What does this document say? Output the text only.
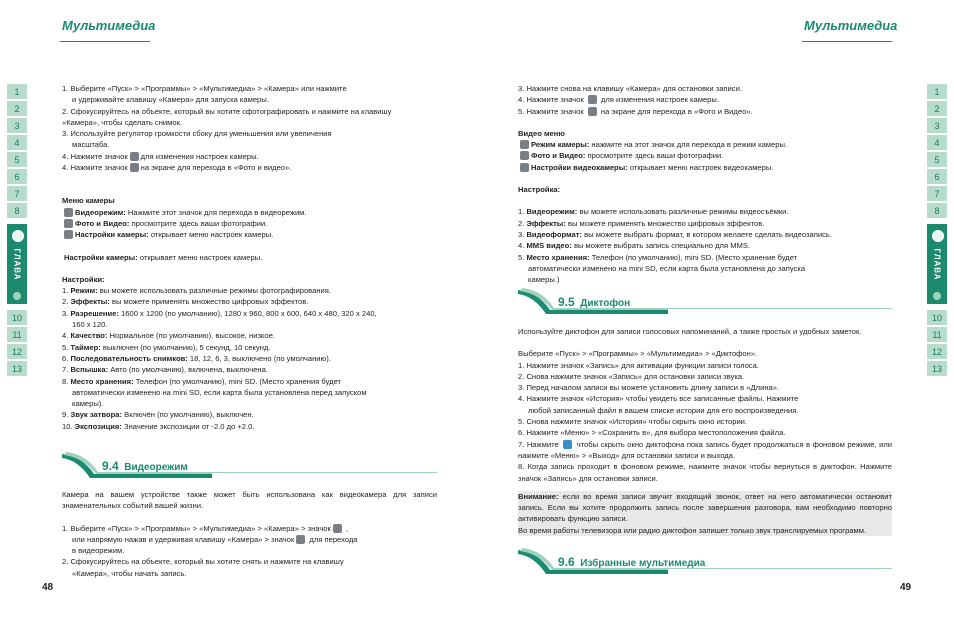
Мультимедиа	Мультимедиа
1
2
3
4
5
6
7
8
ГЛАВА
10
11
12
13
1
2
3
4
5
6
7
8
ГЛАВА
10
11
12
13

1. Выберите «Пуск» > «Программы» > «Мультимедиа» > «Камера» или нажмите

и удерживайте клавишу «Камера» для запуска камеры.

2. Сфокусируйтесь на объекте, который вы хотите сфотографировать и нажмите на клавишу

«Камера», чтобы сделать снимок.

3. Используйте регулятор громкости сбоку для уменьшения или увеличения

масштаба.

4. Нажмите значок для изменения настроек камеры.

4. Нажмите значок на экране для перехода в «Фото и видео».

Меню камеры

Видеорежим: Нажмите этот значок для перехода в видеорежим.

Фото и Видео: просмотрите здесь ваши фотографии.

Настройки камеры: открывает меню настроек камеры.

Настройки камеры: открывает меню настроек камеры.

Настройки:

1. Режим: вы можете использовать различные режимы фотографирования.

2. Эффекты: вы можете применять множество цифровых эффектов.

3. Разрешение: 1600 x 1200 (по умолчанию), 1280 x 960, 800 x 600, 640 x 480, 320 x 240,

160 x 120.

4. Качество: Нормальное (по умолчанию), высокое, низкое.

5. Таймер: выключен (по умолчанию), 5 секунд, 10 секунд.

6. Последовательность снимков: 18, 12, 6, 3, выключено (по умолчанию).

7. Вспышка: Авто (по умолчанию), включена, выключена.

8. Место хранения: Телефон (по умолчанию), mini SD. (Место хранения будет

автоматически изменено на mini SD, если карта была установлена перед запуском

камеры).

9. Звук затвора: Включён (по умолчанию), выключен.

10. Экспозиция: Значение экспозиции от -2.0 до +2.0.

9.4 Видеорежим

Камера на вашем устройстве также может быть использована как видеокамера для записи знаменательных событий вашей жизни.

1. Выберите «Пуск» > «Программы» > «Мультимедиа» > «Камера» > значок ,

или напрямую нажав и удерживая клавишу «Камера» > значок для перехода

в видеорежим.

2. Сфокусируйтесь на объекте, который вы хотите снять и нажмите на клавишу

«Камера», чтобы начать запись.

48

3. Нажмите снова на клавишу «Камера» для остановки записи.

4. Нажмите значок для изменения настроек камеры.

5. Нажмите значок на экране для перехода в «Фото и Видео».

Видео меню

Режим камеры: нажмите на этот значок для перехода в режим камеры.

Фото и Видео: просмотрите здесь ваши фотографии.

Настройки видеокамеры: открывает меню настроек видеокамеры.

Настройка:

1. Видеорежим: вы можете использовать различные режимы видеосъёмки.

2. Эффекты: вы можете применять множество цифровых эффектов.

3. Видеоформат: вы можете выбрать формат, в котором желаете сделать видеозапись.

4. MMS видео: вы можете выбрать запись специально для MMS.

5. Место хранения: Телефон (по умолчанию), mini SD. (Место хранение будет

автоматически изменено на mini SD, если карта была установлена до запуска

камеры.)

9.5 Диктофон

Используйте диктофон для записи голосовых напоминаний, а также простых и удобных заметок.

Выберите «Пуск» > «Программы» > «Мультимедиа» > «Диктофон».

1. Нажмите значок «Запись» для активации функции записи голоса.

2. Снова нажмите значок «Запись» для остановки записи звука.

3. Перед началом записи вы можете установить длину записи в «Длина».

4. Нажмите значок «История» чтобы увидеть все записанные файлы. Нажмите

любой записанный файл в вашем списке истории для его воспроизведения.

5. Снова нажмите значок «История» чтобы скрыть окно истории.

6. Нажмите «Меню» > «Сохранить в», для выбора местоположения файла.

7. Нажмите чтобы скрыть окно диктофона пока запись будет продолжаться в фоновом режиме, или нажмите «Меню» > «Выход» для остановки записи и выхода.

8. Когда запись проходит в фоновом режиме, нажмите значок чтобы вернуться в диктофон. Нажмите значок «Запись» для остановки записи.

Внимание: если во время записи звучит входящий звонок, ответ на него автоматически остановит запись. Если вы хотите продолжить запись после завершения разговора, вам необходимо повторно активировать функцию записи.

Во время работы телевизора или радио диктофон запишет только звук транслируемых программ.

9.6 Избранные мультимедиа
49
